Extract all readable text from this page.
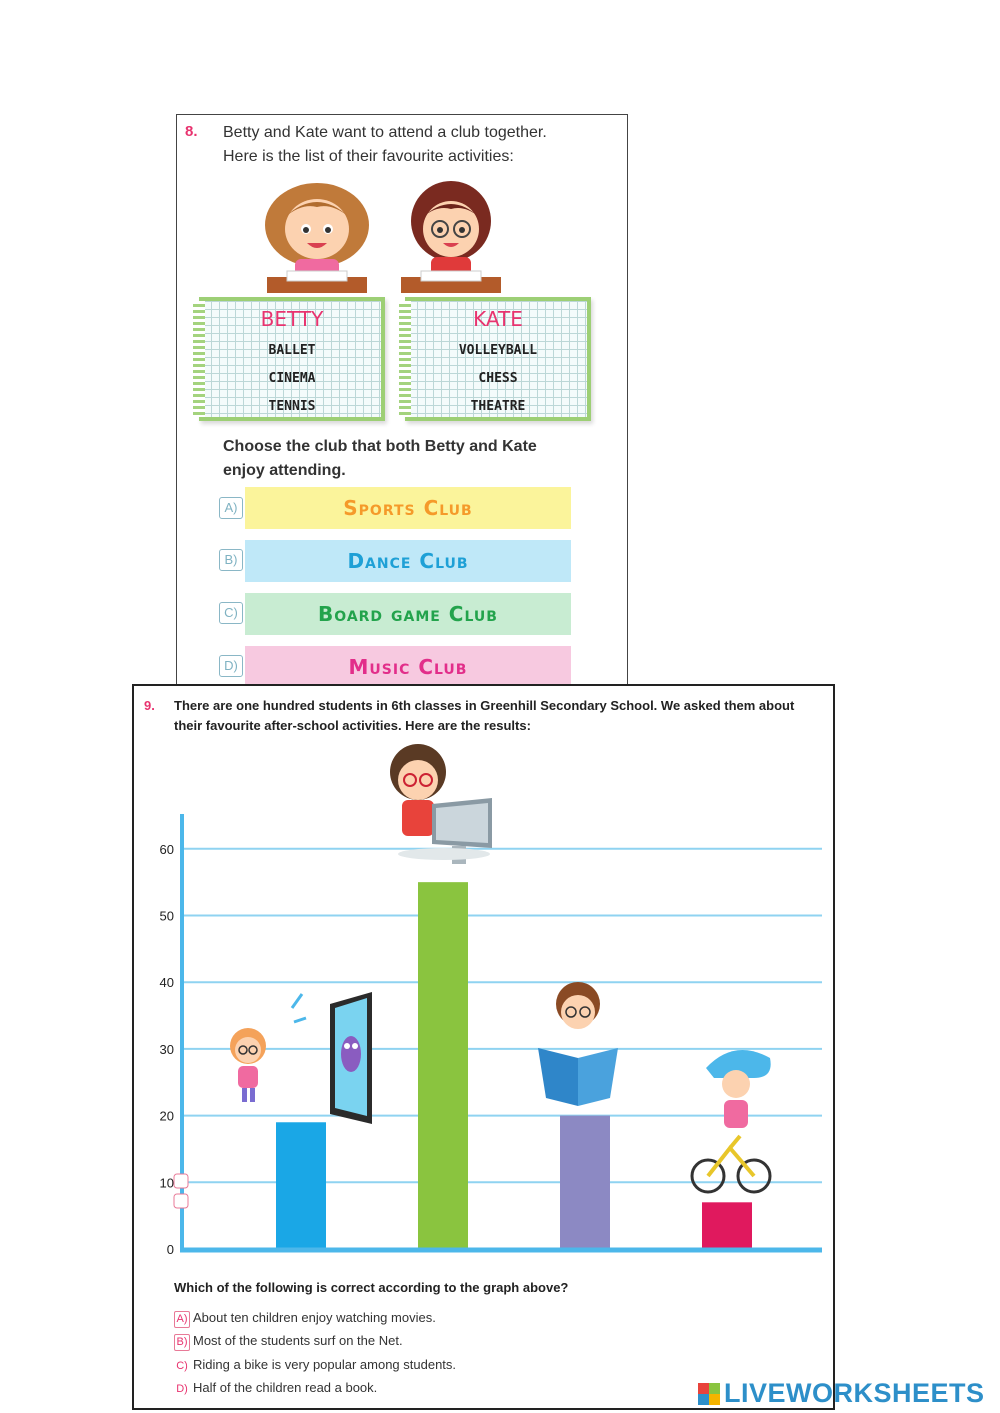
8. Betty and Kate want to attend a club together.
Here is the list of their favourite activities:
BETTY
BALLET
CINEMA
TENNIS
KATE
VOLLEYBALL
CHESS
THEATRE
Choose the club that both Betty and Kate
enjoy attending.
A)	Sports Club
B)	Dance Club
C)	Board game Club
D)	Music Club
9. There are one hundred students in 6th classes in Greenhill Secondary School. We asked them about
their favourite after-school activities. Here are the results:
0
10
20
30
40
50
60
Which of the following is correct according to the graph above?
A) About ten children enjoy watching movies.
B) Most of the students surf on the Net.
C) Riding a bike is very popular among students.
D) Half of the children read a book.	LIVEWORKSHEETS
